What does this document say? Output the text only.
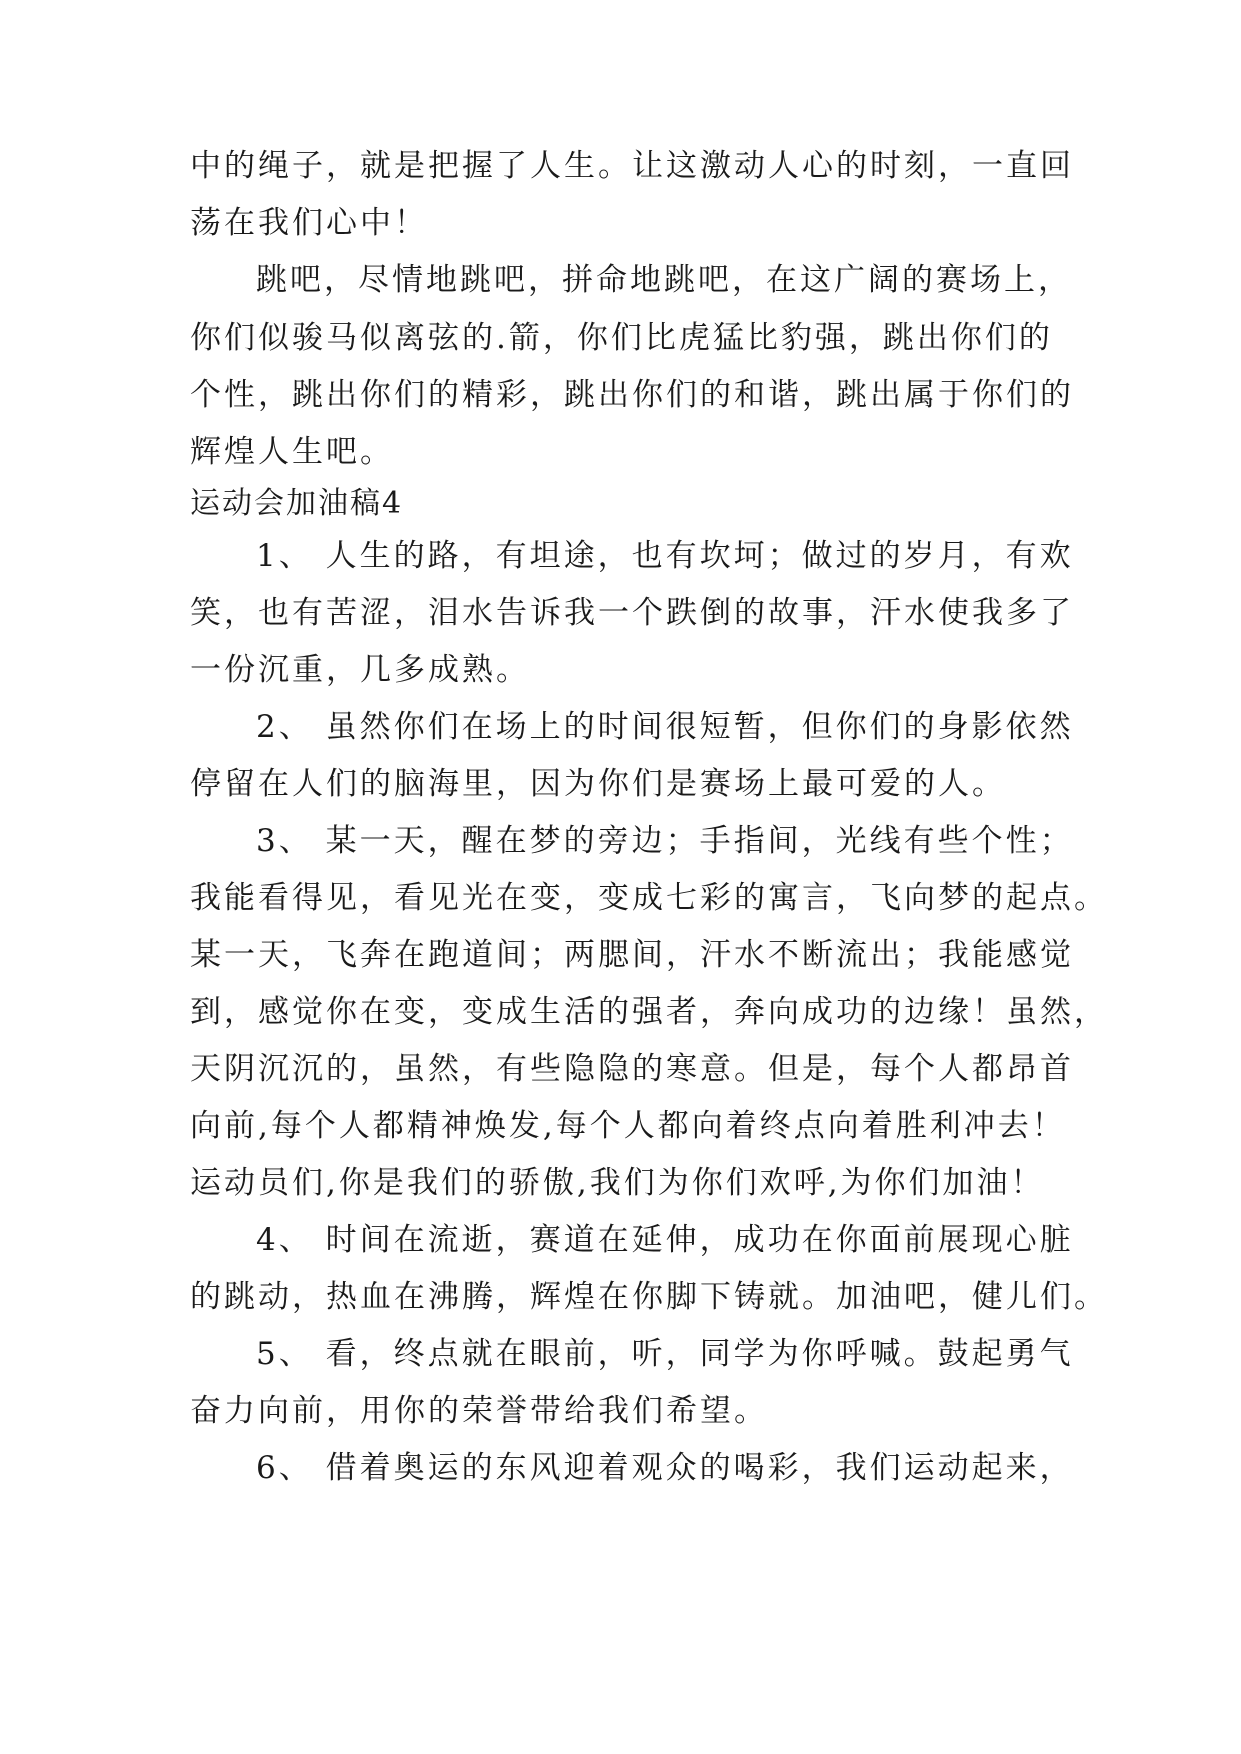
中的绳子，就是把握了人生。让这激动人心的时刻，一直回
荡在我们心中！
跳吧，尽情地跳吧，拼命地跳吧，在这广阔的赛场上，
你们似骏马似离弦的.箭，你们比虎猛比豹强，跳出你们的
个性，跳出你们的精彩，跳出你们的和谐，跳出属于你们的
辉煌人生吧。
运动会加油稿4
1、 人生的路，有坦途，也有坎坷；做过的岁月，有欢
笑，也有苦涩，泪水告诉我一个跌倒的故事，汗水使我多了
一份沉重，几多成熟。
2、 虽然你们在场上的时间很短暂，但你们的身影依然
停留在人们的脑海里，因为你们是赛场上最可爱的人。
3、 某一天，醒在梦的旁边；手指间，光线有些个性；
我能看得见，看见光在变，变成七彩的寓言，飞向梦的起点。
某一天，飞奔在跑道间；两腮间，汗水不断流出；我能感觉
到，感觉你在变，变成生活的强者，奔向成功的边缘！虽然，
天阴沉沉的，虽然，有些隐隐的寒意。但是，每个人都昂首
向前,每个人都精神焕发,每个人都向着终点向着胜利冲去！
运动员们,你是我们的骄傲,我们为你们欢呼,为你们加油！
4、 时间在流逝，赛道在延伸，成功在你面前展现心脏
的跳动，热血在沸腾，辉煌在你脚下铸就。加油吧，健儿们。
5、 看，终点就在眼前，听，同学为你呼喊。鼓起勇气
奋力向前，用你的荣誉带给我们希望。
6、 借着奥运的东风迎着观众的喝彩，我们运动起来，
